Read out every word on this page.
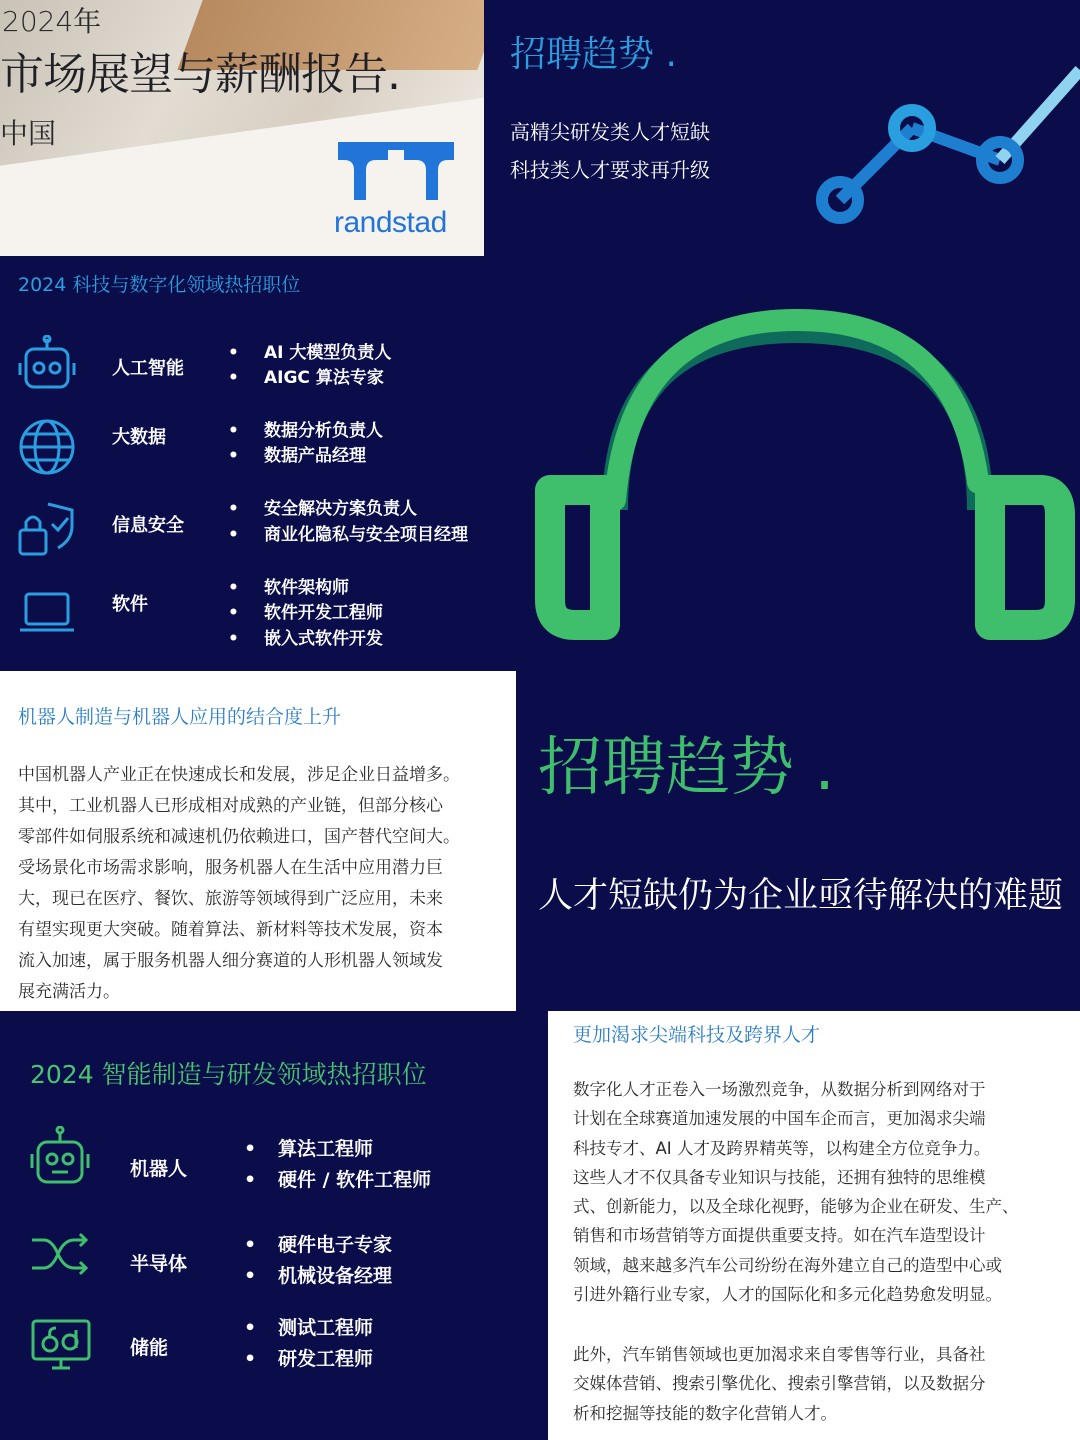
2024年
市场展望与薪酬报告.
中国
randstad
招聘趋势 .
高精尖研发类人才短缺
科技类人才要求再升级
2024 科技与数字化领域热招职位
人工智能
• AI 大模型负责人
• AIGC 算法专家
大数据	• 数据分析负责人
• 数据产品经理
信息安全
• 安全解决方案负责人
• 商业化隐私与安全项目经理
软件
• 软件架构师
• 软件开发工程师
• 嵌入式软件开发
机器人制造与机器人应用的结合度上升
中国机器人产业正在快速成长和发展，涉足企业日益增多。
其中，工业机器人已形成相对成熟的产业链，但部分核心
零部件如伺服系统和减速机仍依赖进口，国产替代空间大。
受场景化市场需求影响，服务机器人在生活中应用潜力巨
大，现已在医疗、餐饮、旅游等领域得到广泛应用，未来
有望实现更大突破。随着算法、新材料等技术发展，资本
流入加速，属于服务机器人细分赛道的人形机器人领域发
展充满活力。
招聘趋势 .
人才短缺仍为企业亟待解决的难题
2024 智能制造与研发领域热招职位
机器人
• 算法工程师
• 硬件 / 软件工程师
半导体
• 硬件电子专家
• 机械设备经理
储能
• 测试工程师
• 研发工程师
更加渴求尖端科技及跨界人才
数字化人才正卷入一场激烈竞争，从数据分析到网络对于
计划在全球赛道加速发展的中国车企而言，更加渴求尖端
科技专才、AI 人才及跨界精英等，以构建全方位竞争力。
这些人才不仅具备专业知识与技能，还拥有独特的思维模
式、创新能力，以及全球化视野，能够为企业在研发、生产、
销售和市场营销等方面提供重要支持。如在汽车造型设计
领域，越来越多汽车公司纷纷在海外建立自己的造型中心或
引进外籍行业专家，人才的国际化和多元化趋势愈发明显。
此外，汽车销售领域也更加渴求来自零售等行业，具备社
交媒体营销、搜索引擎优化、搜索引擎营销，以及数据分
析和挖掘等技能的数字化营销人才。
